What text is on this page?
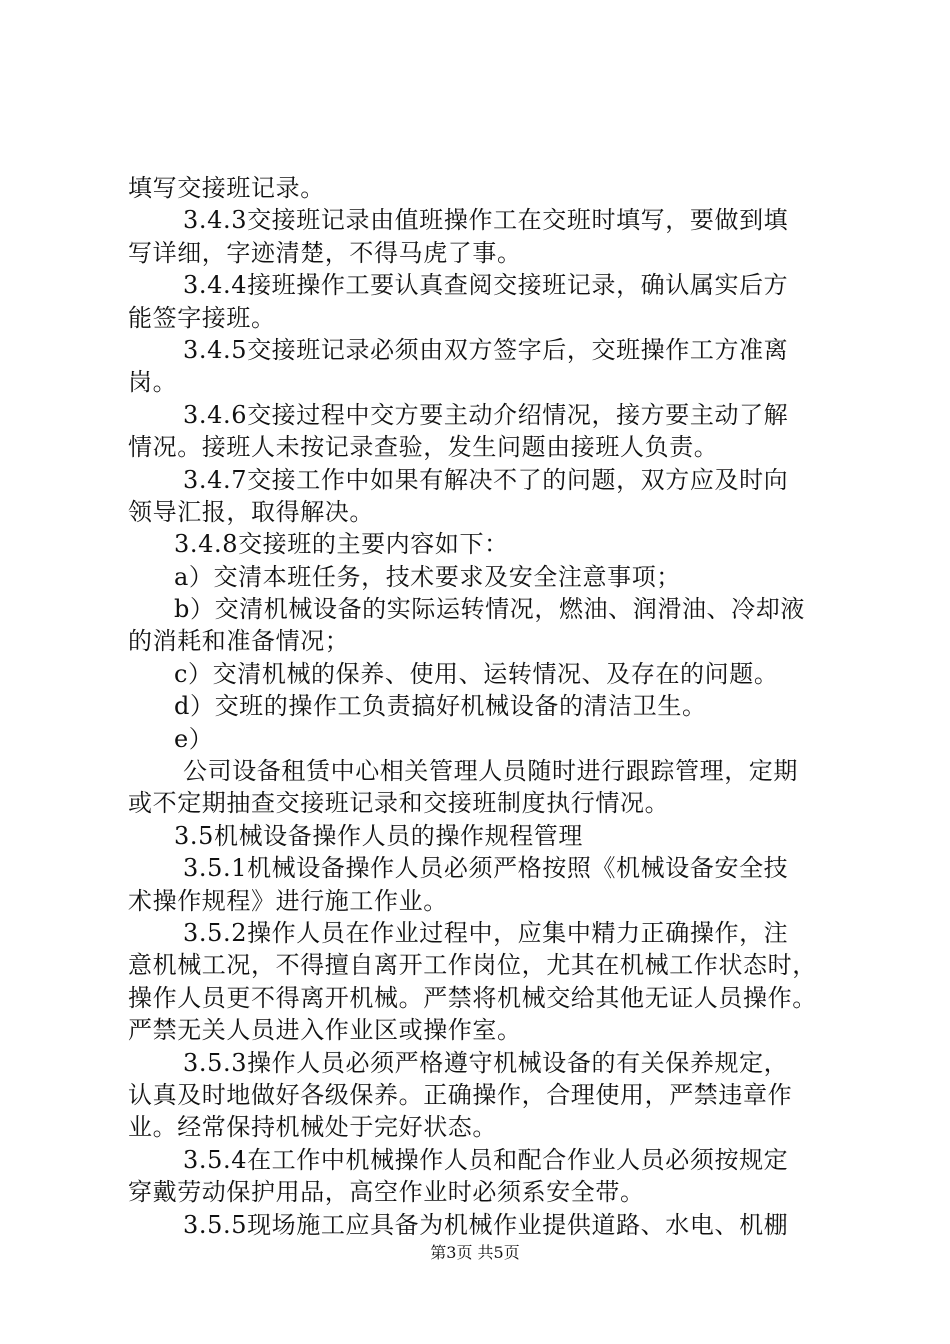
填写交接班记录。
3.4.3交接班记录由值班操作工在交班时填写，要做到填
写详细，字迹清楚，不得马虎了事。
3.4.4接班操作工要认真查阅交接班记录，确认属实后方
能签字接班。
3.4.5交接班记录必须由双方签字后，交班操作工方准离
岗。
3.4.6交接过程中交方要主动介绍情况，接方要主动了解
情况。接班人未按记录查验，发生问题由接班人负责。
3.4.7交接工作中如果有解决不了的问题，双方应及时向
领导汇报，取得解决。
3.4.8交接班的主要内容如下：
a）交清本班任务，技术要求及安全注意事项；
b）交清机械设备的实际运转情况，燃油、润滑油、冷却液
的消耗和准备情况；
c）交清机械的保养、使用、运转情况、及存在的问题。
d）交班的操作工负责搞好机械设备的清洁卫生。
e）
公司设备租赁中心相关管理人员随时进行跟踪管理，定期
或不定期抽查交接班记录和交接班制度执行情况。
3.5机械设备操作人员的操作规程管理
3.5.1机械设备操作人员必须严格按照《机械设备安全技
术操作规程》进行施工作业。
3.5.2操作人员在作业过程中，应集中精力正确操作，注
意机械工况，不得擅自离开工作岗位，尤其在机械工作状态时，
操作人员更不得离开机械。严禁将机械交给其他无证人员操作。
严禁无关人员进入作业区或操作室。
3.5.3操作人员必须严格遵守机械设备的有关保养规定，
认真及时地做好各级保养。正确操作，合理使用，严禁违章作
业。经常保持机械处于完好状态。
3.5.4在工作中机械操作人员和配合作业人员必须按规定
穿戴劳动保护用品，高空作业时必须系安全带。
3.5.5现场施工应具备为机械作业提供道路、水电、机棚
第3页 共5页
